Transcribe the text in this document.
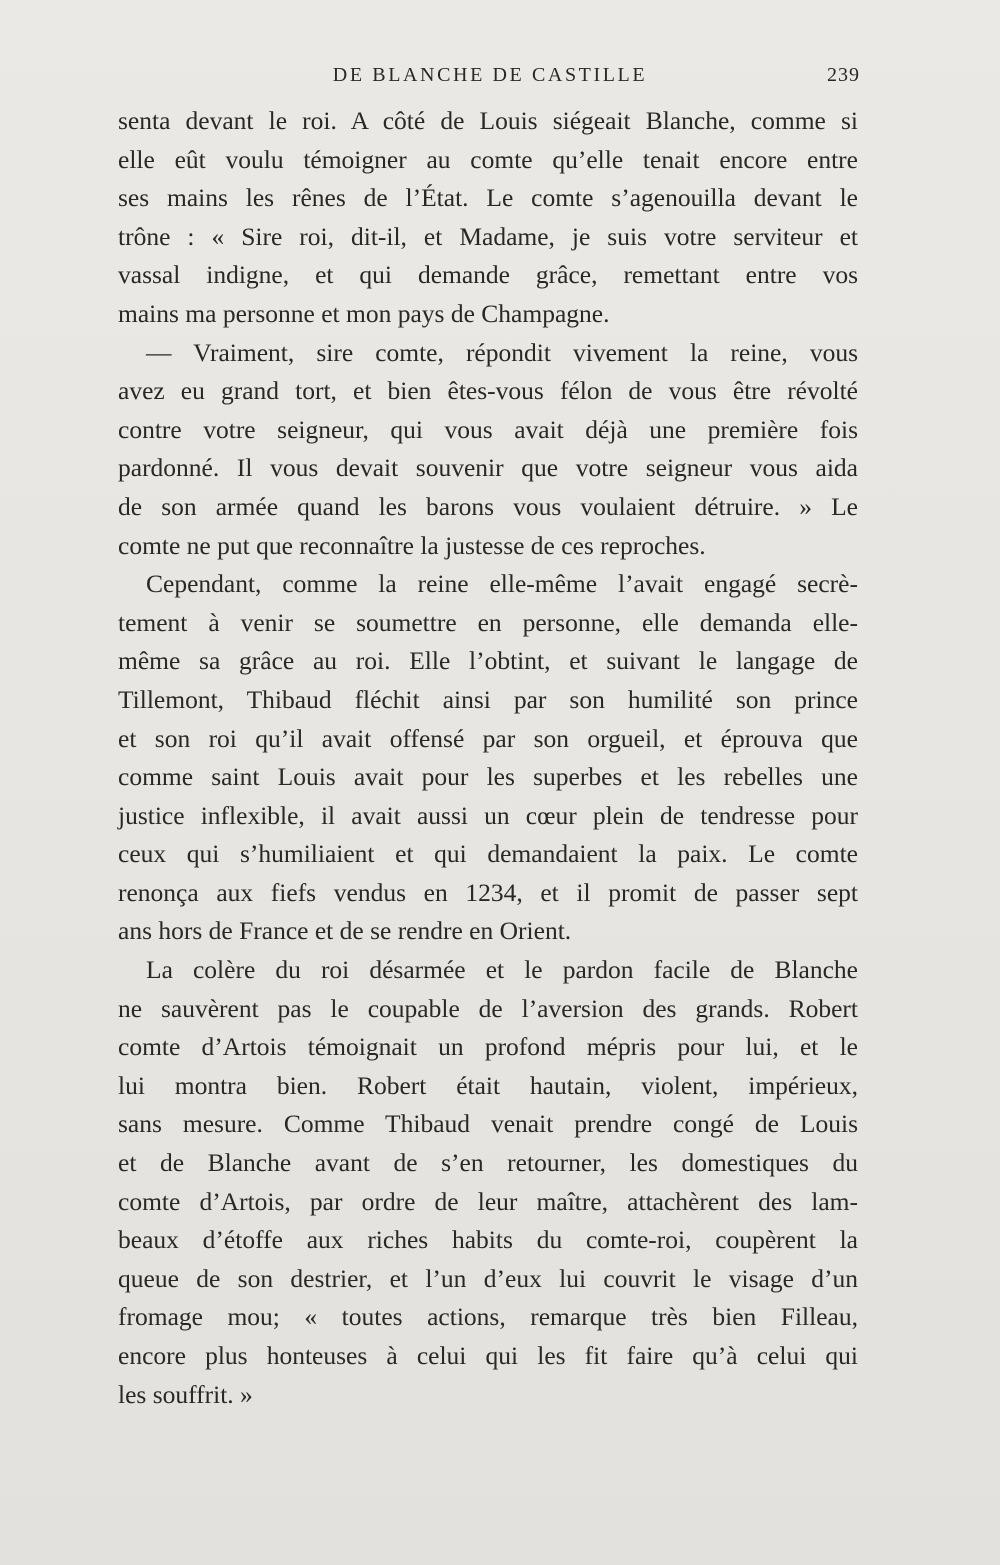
DE BLANCHE DE CASTILLE	239

senta devant le roi. A côté de Louis siégeait Blanche, comme si
elle eût voulu témoigner au comte qu’elle tenait encore entre
ses mains les rênes de l’État. Le comte s’agenouilla devant le
trône : « Sire roi, dit-il, et Madame, je suis votre serviteur et
vassal indigne, et qui demande grâce, remettant entre vos
mains ma personne et mon pays de Champagne.

— Vraiment, sire comte, répondit vivement la reine, vous
avez eu grand tort, et bien êtes-vous félon de vous être révolté
contre votre seigneur, qui vous avait déjà une première fois
pardonné. Il vous devait souvenir que votre seigneur vous aida
de son armée quand les barons vous voulaient détruire. » Le
comte ne put que reconnaître la justesse de ces reproches.

Cependant, comme la reine elle-même l’avait engagé secrè-
tement à venir se soumettre en personne, elle demanda elle-
même sa grâce au roi. Elle l’obtint, et suivant le langage de
Tillemont, Thibaud fléchit ainsi par son humilité son prince
et son roi qu’il avait offensé par son orgueil, et éprouva que
comme saint Louis avait pour les superbes et les rebelles une
justice inflexible, il avait aussi un cœur plein de tendresse pour
ceux qui s’humiliaient et qui demandaient la paix. Le comte
renonça aux fiefs vendus en 1234, et il promit de passer sept
ans hors de France et de se rendre en Orient.

La colère du roi désarmée et le pardon facile de Blanche
ne sauvèrent pas le coupable de l’aversion des grands. Robert
comte d’Artois témoignait un profond mépris pour lui, et le
lui montra bien. Robert était hautain, violent, impérieux,
sans mesure. Comme Thibaud venait prendre congé de Louis
et de Blanche avant de s’en retourner, les domestiques du
comte d’Artois, par ordre de leur maître, attachèrent des lam-
beaux d’étoffe aux riches habits du comte-roi, coupèrent la
queue de son destrier, et l’un d’eux lui couvrit le visage d’un
fromage mou; « toutes actions, remarque très bien Filleau,
encore plus honteuses à celui qui les fit faire qu’à celui qui
les souffrit. »
